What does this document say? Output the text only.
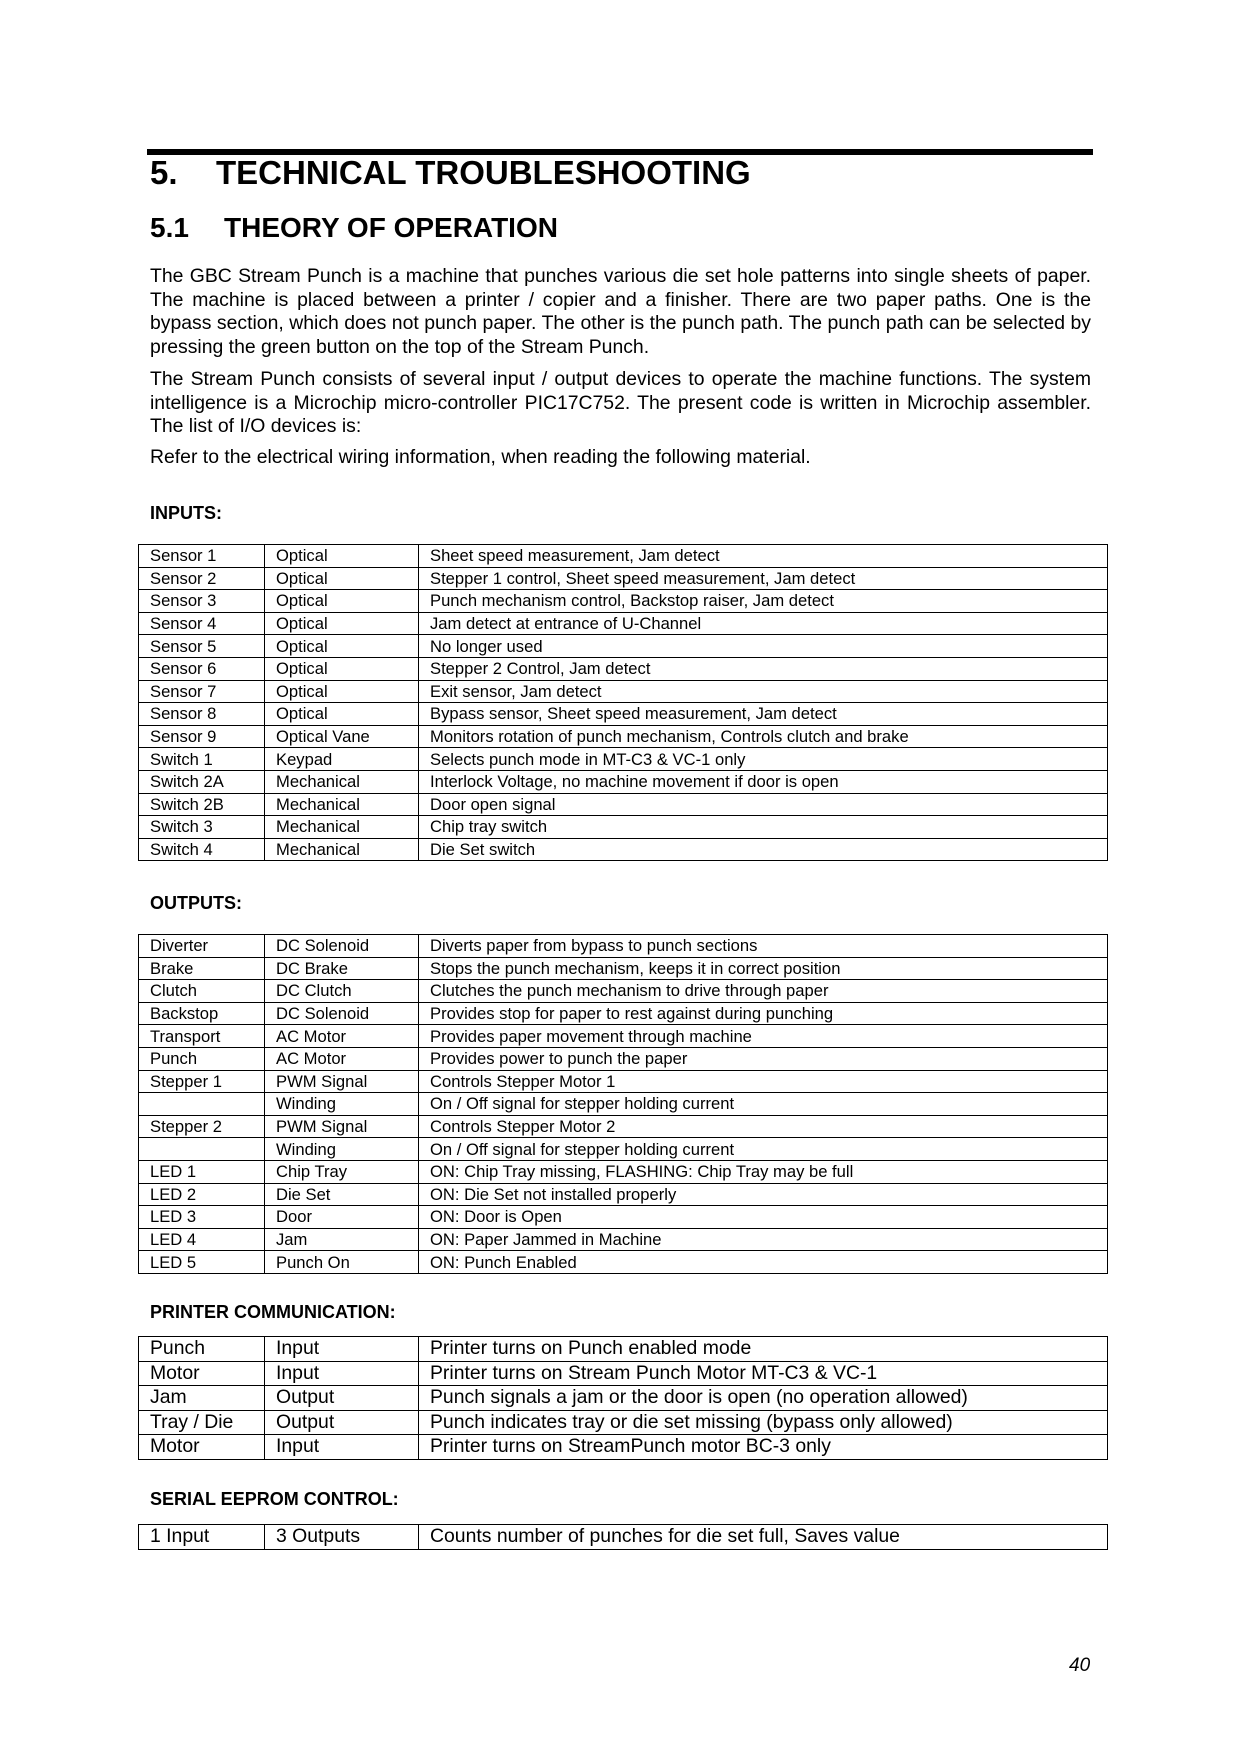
5. TECHNICAL TROUBLESHOOTING
5.1 THEORY OF OPERATION

The GBC Stream Punch is a machine that punches various die set hole patterns into single sheets of paper. The machine is placed between a printer / copier and a finisher. There are two paper paths. One is the bypass section, which does not punch paper. The other is the punch path. The punch path can be selected by pressing the green button on the top of the Stream Punch.

The Stream Punch consists of several input / output devices to operate the machine functions. The system intelligence is a Microchip micro-controller PIC17C752. The present code is written in Microchip assembler. The list of I/O devices is:

Refer to the electrical wiring information, when reading the following material.

INPUTS:
Sensor 1	Optical	Sheet speed measurement, Jam detect
Sensor 2	Optical	Stepper 1 control, Sheet speed measurement, Jam detect
Sensor 3	Optical	Punch mechanism control, Backstop raiser, Jam detect
Sensor 4	Optical	Jam detect at entrance of U-Channel
Sensor 5	Optical	No longer used
Sensor 6	Optical	Stepper 2 Control, Jam detect
Sensor 7	Optical	Exit sensor, Jam detect
Sensor 8	Optical	Bypass sensor, Sheet speed measurement, Jam detect
Sensor 9	Optical Vane	Monitors rotation of punch mechanism, Controls clutch and brake
Switch 1	Keypad	Selects punch mode in MT-C3 & VC-1 only
Switch 2A	Mechanical	Interlock Voltage, no machine movement if door is open
Switch 2B	Mechanical	Door open signal
Switch 3	Mechanical	Chip tray switch
Switch 4	Mechanical	Die Set switch
OUTPUTS:
Diverter	DC Solenoid	Diverts paper from bypass to punch sections
Brake	DC Brake	Stops the punch mechanism, keeps it in correct position
Clutch	DC Clutch	Clutches the punch mechanism to drive through paper
Backstop	DC Solenoid	Provides stop for paper to rest against during punching
Transport	AC Motor	Provides paper movement through machine
Punch	AC Motor	Provides power to punch the paper
Stepper 1	PWM Signal	Controls Stepper Motor 1
	Winding	On / Off signal for stepper holding current
Stepper 2	PWM Signal	Controls Stepper Motor 2
	Winding	On / Off signal for stepper holding current
LED 1	Chip Tray	ON: Chip Tray missing, FLASHING: Chip Tray may be full
LED 2	Die Set	ON: Die Set not installed properly
LED 3	Door	ON: Door is Open
LED 4	Jam	ON: Paper Jammed in Machine
LED 5	Punch On	ON: Punch Enabled
PRINTER COMMUNICATION:
Punch	Input	Printer turns on Punch enabled mode
Motor	Input	Printer turns on Stream Punch Motor MT-C3 & VC-1
Jam	Output	Punch signals a jam or the door is open (no operation allowed)
Tray / Die	Output	Punch indicates tray or die set missing (bypass only allowed)
Motor	Input	Printer turns on StreamPunch motor BC-3 only
SERIAL EEPROM CONTROL:
1 Input	3 Outputs	Counts number of punches for die set full, Saves value
40
